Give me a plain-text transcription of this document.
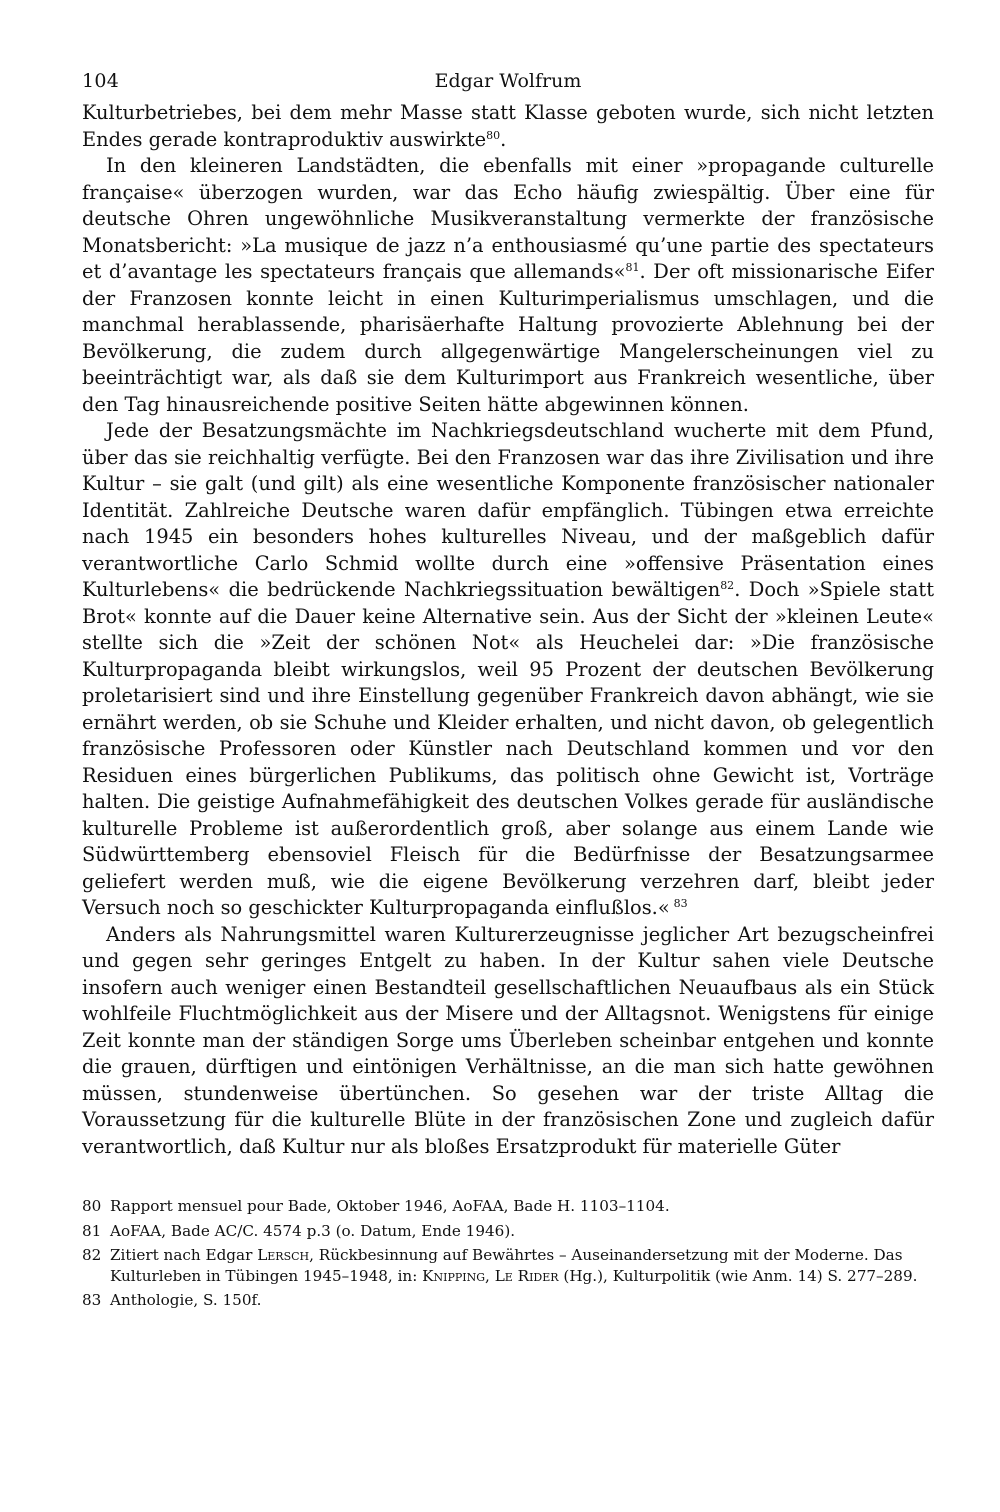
104	Edgar Wolfrum

Kulturbetriebes, bei dem mehr Masse statt Klasse geboten wurde, sich nicht letzten Endes gerade kontraproduktiv auswirkte$^{80}$.

In den kleineren Landstädten, die ebenfalls mit einer »propagande culturelle française« überzogen wurden, war das Echo häufig zwiespältig. Über eine für deutsche Ohren ungewöhnliche Musikveranstaltung vermerkte der französische Monatsbericht: »La musique de jazz n’a enthousiasmé qu’une partie des spectateurs et d’avantage les spectateurs français que allemands«$^{81}$. Der oft missionarische Eifer der Franzosen konnte leicht in einen Kulturimperialismus umschlagen, und die manchmal herablassende, pharisäerhafte Haltung provozierte Ablehnung bei der Bevölkerung, die zudem durch allgegenwärtige Mangelerscheinungen viel zu beeinträchtigt war, als daß sie dem Kulturimport aus Frankreich wesentliche, über den Tag hinausreichende positive Seiten hätte abgewinnen können.

Jede der Besatzungsmächte im Nachkriegsdeutschland wucherte mit dem Pfund, über das sie reichhaltig verfügte. Bei den Franzosen war das ihre Zivilisation und ihre Kultur – sie galt (und gilt) als eine wesentliche Komponente französischer nationaler Identität. Zahlreiche Deutsche waren dafür empfänglich. Tübingen etwa erreichte nach 1945 ein besonders hohes kulturelles Niveau, und der maßgeblich dafür verantwortliche Carlo Schmid wollte durch eine »offensive Präsentation eines Kulturlebens« die bedrückende Nachkriegssituation bewältigen$^{82}$. Doch »Spiele statt Brot« konnte auf die Dauer keine Alternative sein. Aus der Sicht der »kleinen Leute« stellte sich die »Zeit der schönen Not« als Heuchelei dar: »Die französische Kulturpropaganda bleibt wirkungslos, weil 95 Prozent der deutschen Bevölkerung proletarisiert sind und ihre Einstellung gegenüber Frankreich davon abhängt, wie sie ernährt werden, ob sie Schuhe und Kleider erhalten, und nicht davon, ob gelegentlich französische Professoren oder Künstler nach Deutschland kommen und vor den Residuen eines bürgerlichen Publikums, das politisch ohne Gewicht ist, Vorträge halten. Die geistige Aufnahmefähigkeit des deutschen Volkes gerade für ausländische kulturelle Probleme ist außerordentlich groß, aber solange aus einem Lande wie Südwürttemberg ebensoviel Fleisch für die Bedürfnisse der Besatzungsarmee geliefert werden muß, wie die eigene Bevölkerung verzehren darf, bleibt jeder Versuch noch so geschickter Kulturpropaganda einflußlos.«  $^{83}$

Anders als Nahrungsmittel waren Kulturerzeugnisse jeglicher Art bezugscheinfrei und gegen sehr geringes Entgelt zu haben. In der Kultur sahen viele Deutsche insofern auch weniger einen Bestandteil gesellschaftlichen Neuaufbaus als ein Stück wohlfeile Fluchtmöglichkeit aus der Misere und der Alltagsnot. Wenigstens für einige Zeit konnte man der ständigen Sorge ums Überleben scheinbar entgehen und konnte die grauen, dürftigen und eintönigen Verhältnisse, an die man sich hatte gewöhnen müssen, stundenweise übertünchen. So gesehen war der triste Alltag die Voraussetzung für die kulturelle Blüte in der französischen Zone und zugleich dafür verantwortlich, daß Kultur nur als bloßes Ersatzprodukt für materielle Güter

80 Rapport mensuel pour Bade, Oktober 1946, AoFAA, Bade H. 1103–1104.
81 AoFAA, Bade AC/C. 4574 p.3 (o. Datum, Ende 1946).
82 Zitiert nach Edgar Lersch, Rückbesinnung auf Bewährtes – Auseinandersetzung mit der Moderne. Das Kulturleben in Tübingen 1945–1948, in: Knipping, Le Rider (Hg.), Kulturpolitik (wie Anm. 14) S. 277–289.
83 Anthologie, S. 150f.
